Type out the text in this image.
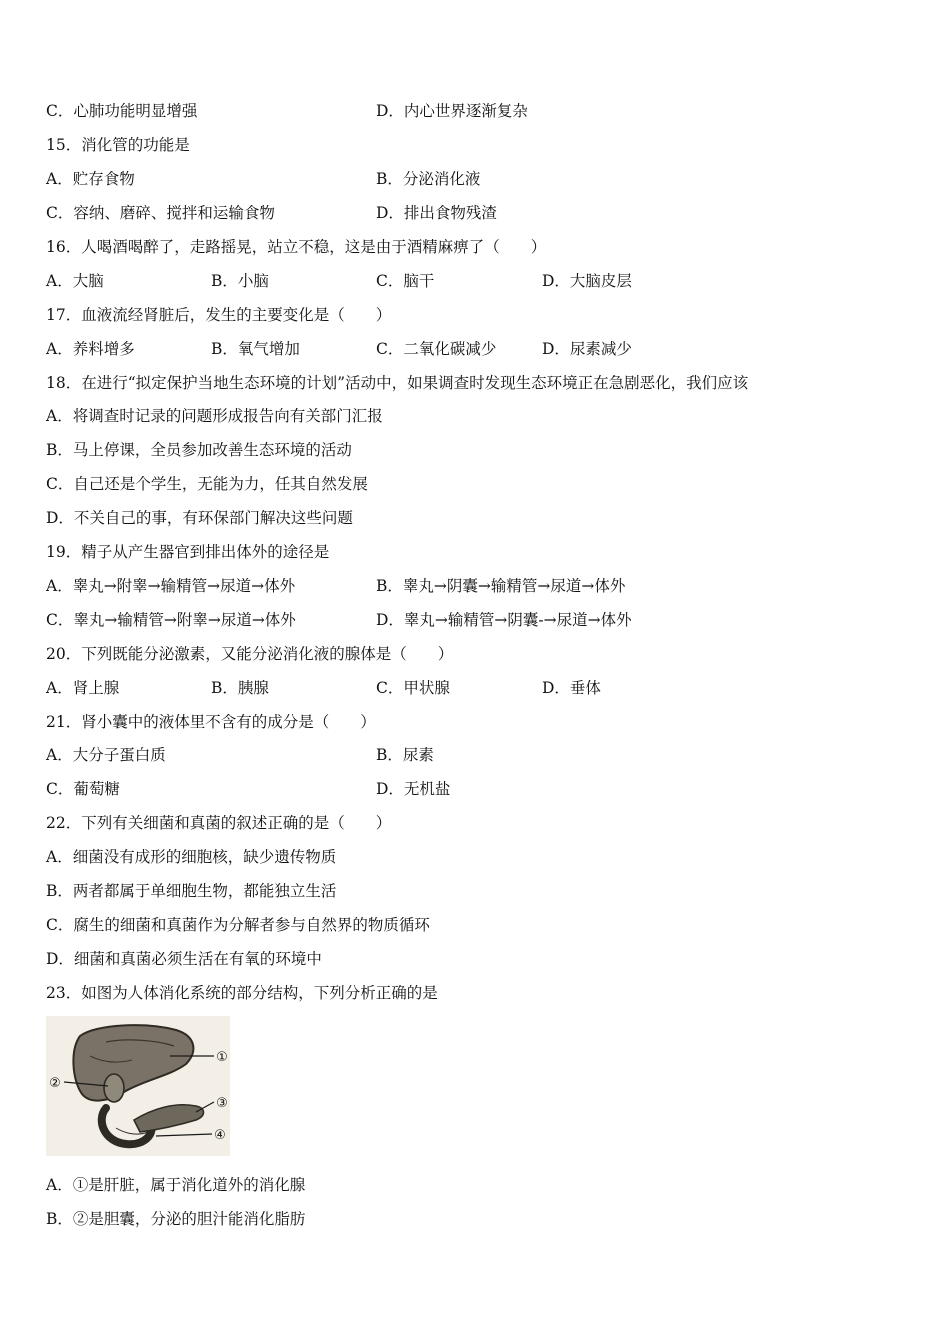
C．心肺功能明显增强	D．内心世界逐渐复杂
15．消化管的功能是
A．贮存食物	B．分泌消化液
C．容纳、磨碎、搅拌和运输食物	D．排出食物残渣
16．人喝酒喝醉了，走路摇晃，站立不稳，这是由于酒精麻痹了（　　）
A．大脑	B．小脑	C．脑干	D．大脑皮层
17．血液流经肾脏后，发生的主要变化是（　　）
A．养料增多	B．氧气增加	C．二氧化碳减少	D．尿素减少
18．在进行“拟定保护当地生态环境的计划”活动中，如果调查时发现生态环境正在急剧恶化，我们应该
A．将调查时记录的问题形成报告向有关部门汇报
B．马上停课，全员参加改善生态环境的活动
C．自己还是个学生，无能为力，任其自然发展
D．不关自己的事，有环保部门解决这些问题
19．精子从产生器官到排出体外的途径是
A．睾丸→附睾→输精管→尿道→体外	B．睾丸→阴囊→输精管→尿道→体外
C．睾丸→输精管→附睾→尿道→体外	D．睾丸→输精管→阴囊-→尿道→体外
20．下列既能分泌激素，又能分泌消化液的腺体是（　　）
A．肾上腺	B．胰腺	C．甲状腺	D．垂体
21．肾小囊中的液体里不含有的成分是（　　）
A．大分子蛋白质	B．尿素
C．葡萄糖	D．无机盐
22．下列有关细菌和真菌的叙述正确的是（　　）
A．细菌没有成形的细胞核，缺少遗传物质
B．两者都属于单细胞生物，都能独立生活
C．腐生的细菌和真菌作为分解者参与自然界的物质循环
D．细菌和真菌必须生活在有氧的环境中
23．如图为人体消化系统的部分结构，下列分析正确的是
①
②
③
④
A．①是肝脏，属于消化道外的消化腺
B．②是胆囊，分泌的胆汁能消化脂肪
